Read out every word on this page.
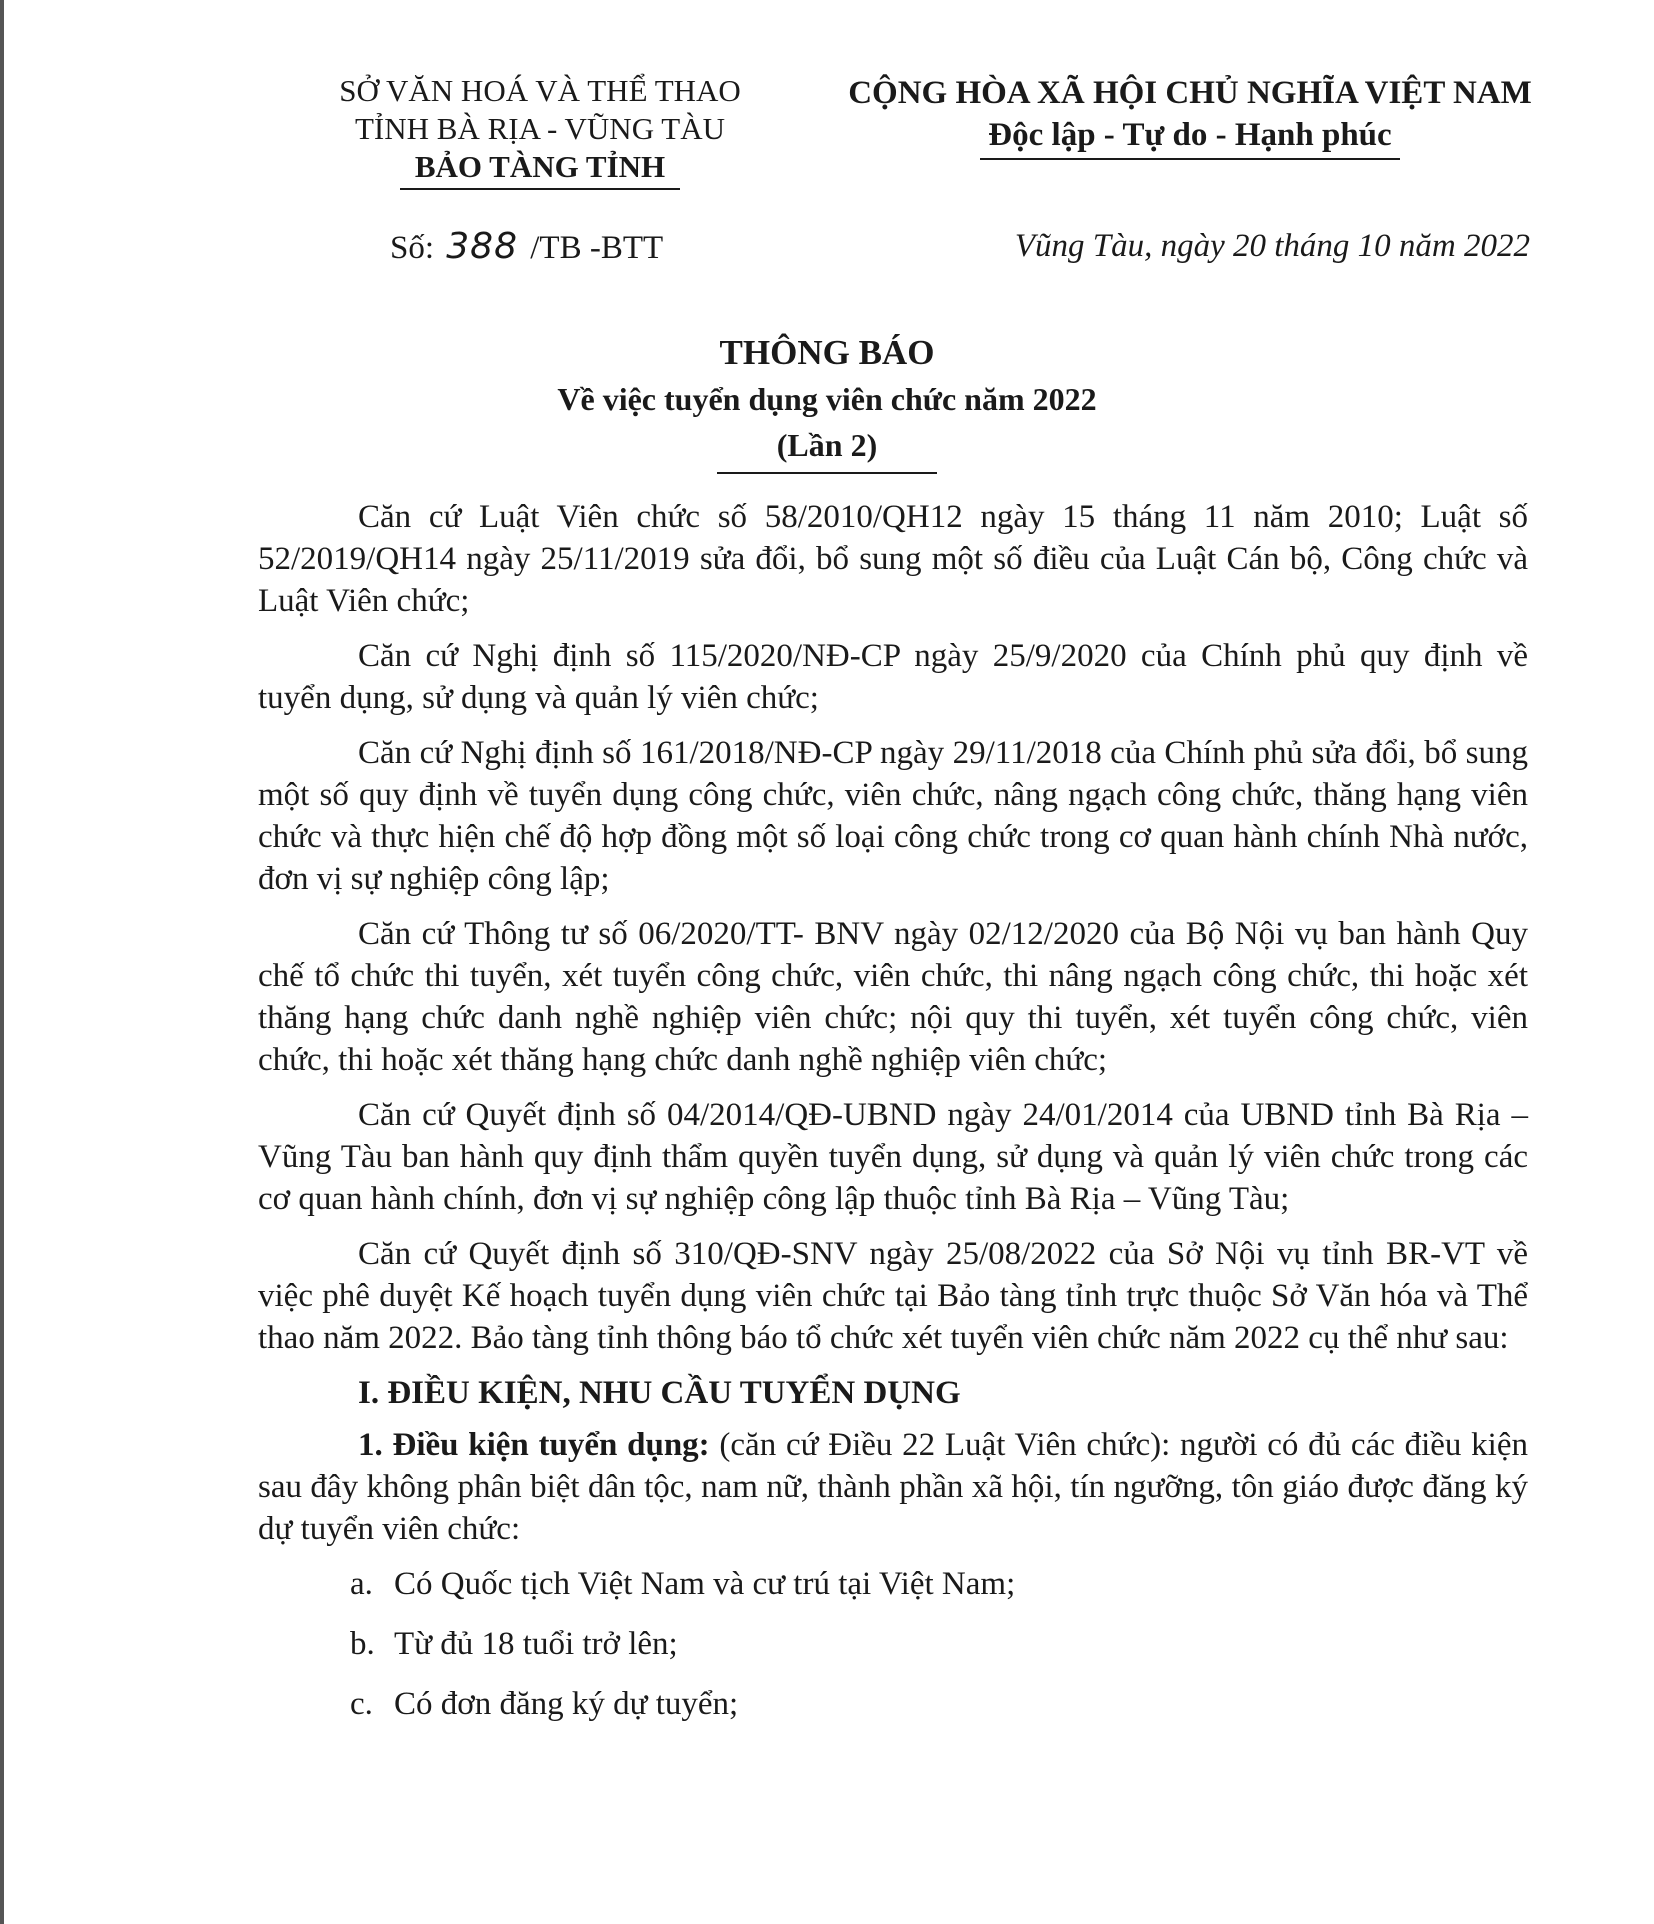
SỞ VĂN HOÁ VÀ THỂ THAO
TỈNH BÀ RỊA - VŨNG TÀU
BẢO TÀNG TỈNH
CỘNG HÒA XÃ HỘI CHỦ NGHĨA VIỆT NAM
Độc lập - Tự do - Hạnh phúc
Số: 388 /TB -BTT	Vũng Tàu, ngày 20 tháng 10 năm 2022
THÔNG BÁO
Về việc tuyển dụng viên chức năm 2022
(Lần 2)

Căn cứ Luật Viên chức số 58/2010/QH12 ngày 15 tháng 11 năm 2010; Luật số 52/2019/QH14 ngày 25/11/2019 sửa đổi, bổ sung một số điều của Luật Cán bộ, Công chức và Luật Viên chức;

Căn cứ Nghị định số 115/2020/NĐ-CP ngày 25/9/2020 của Chính phủ quy định về tuyển dụng, sử dụng và quản lý viên chức;

Căn cứ Nghị định số 161/2018/NĐ-CP ngày 29/11/2018 của Chính phủ sửa đổi, bổ sung một số quy định về tuyển dụng công chức, viên chức, nâng ngạch công chức, thăng hạng viên chức và thực hiện chế độ hợp đồng một số loại công chức trong cơ quan hành chính Nhà nước, đơn vị sự nghiệp công lập;

Căn cứ Thông tư số 06/2020/TT- BNV ngày 02/12/2020 của Bộ Nội vụ ban hành Quy chế tổ chức thi tuyển, xét tuyển công chức, viên chức, thi nâng ngạch công chức, thi hoặc xét thăng hạng chức danh nghề nghiệp viên chức; nội quy thi tuyển, xét tuyển công chức, viên chức, thi hoặc xét thăng hạng chức danh nghề nghiệp viên chức;

Căn cứ Quyết định số 04/2014/QĐ-UBND ngày 24/01/2014 của UBND tỉnh Bà Rịa – Vũng Tàu ban hành quy định thẩm quyền tuyển dụng, sử dụng và quản lý viên chức trong các cơ quan hành chính, đơn vị sự nghiệp công lập thuộc tỉnh Bà Rịa – Vũng Tàu;

Căn cứ Quyết định số 310/QĐ-SNV ngày 25/08/2022 của Sở Nội vụ tỉnh BR-VT về việc phê duyệt Kế hoạch tuyển dụng viên chức tại Bảo tàng tỉnh trực thuộc Sở Văn hóa và Thể thao năm 2022. Bảo tàng tỉnh thông báo tổ chức xét tuyển viên chức năm 2022 cụ thể như sau:

I. ĐIỀU KIỆN, NHU CẦU TUYỂN DỤNG

1. Điều kiện tuyển dụng: (căn cứ Điều 22 Luật Viên chức): người có đủ các điều kiện sau đây không phân biệt dân tộc, nam nữ, thành phần xã hội, tín ngưỡng, tôn giáo được đăng ký dự tuyển viên chức:

a. Có Quốc tịch Việt Nam và cư trú tại Việt Nam;
b. Từ đủ 18 tuổi trở lên;
c. Có đơn đăng ký dự tuyển;
